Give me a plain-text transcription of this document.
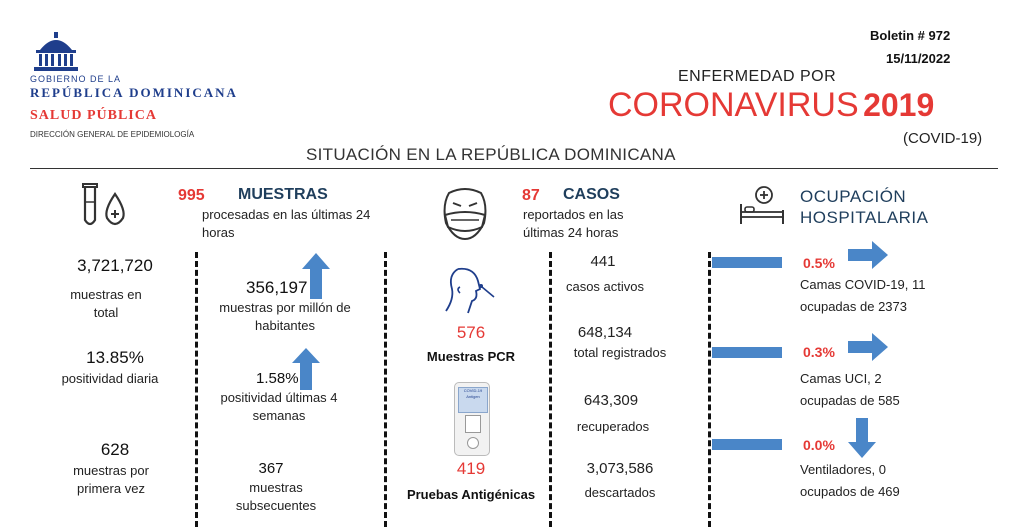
GOBIERNO DE LA
REPÚBLICA DOMINICANA
SALUD PÚBLICA
DIRECCIÓN GENERAL DE EPIDEMIOLOGÍA
Boletin # 972
15/11/2022
ENFERMEDAD POR
CORONAVIRUS 2019
(COVID-19)
SITUACIÓN EN LA REPÚBLICA DOMINICANA
995 MUESTRAS
procesadas en las últimas 24 horas
3,721,720
muestras en total
13.85%
positividad diaria
628
muestras por primera vez
356,197
muestras por millón de habitantes
1.58%
positividad últimas 4 semanas
367
muestras subsecuentes
576
Muestras PCR
COVID-19 Antigen
419
Pruebas Antigénicas
87 CASOS
reportados en las últimas 24 horas
441
casos activos
648,134
total registrados
643,309
recuperados
3,073,586
descartados
OCUPACIÓN
HOSPITALARIA
0.5%
Camas COVID-19, 11
ocupadas de 2373
0.3%
Camas UCI, 2
ocupadas de 585
0.0%
Ventiladores, 0
ocupados de 469
